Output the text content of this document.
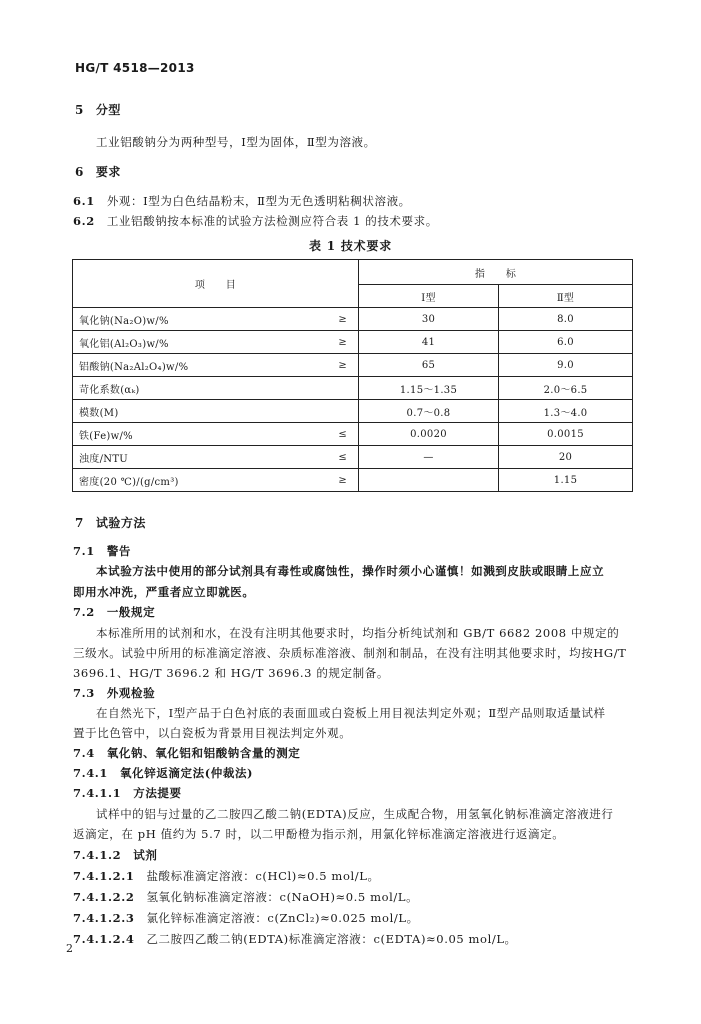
HG/T 4518—2013
5 分型
工业铝酸钠分为两种型号，Ⅰ型为固体，Ⅱ型为溶液。
6 要求
6.1 外观：Ⅰ型为白色结晶粉末，Ⅱ型为无色透明粘稠状溶液。
6.2 工业铝酸钠按本标准的试验方法检测应符合表 1 的技术要求。
表 1 技术要求
项　　目		指　　标	
		Ⅰ型	Ⅱ型
氧化钠(Na₂O)w/%	≥	30	8.0
氧化铝(Al₂O₃)w/%	≥	41	6.0
铝酸钠(Na₂Al₂O₄)w/%	≥	65	9.0
苛化系数(αₖ)		1.15～1.35	2.0～6.5
模数(M)		0.7～0.8	1.3～4.0
铁(Fe)w/%	≤	0.0020	0.0015
浊度/NTU	≤	—	20
密度(20 ℃)/(g/cm³)	≥		1.15
7 试验方法
7.1 警告
本试验方法中使用的部分试剂具有毒性或腐蚀性，操作时须小心谨慎！如溅到皮肤或眼睛上应立
即用水冲洗，严重者应立即就医。
7.2 一般规定
本标准所用的试剂和水，在没有注明其他要求时，均指分析纯试剂和 GB/T 6682 2008 中规定的
三级水。试验中所用的标准滴定溶液、杂质标准溶液、制剂和制品，在没有注明其他要求时，均按HG/T
3696.1、HG/T 3696.2 和 HG/T 3696.3 的规定制备。
7.3 外观检验
在自然光下，Ⅰ型产品于白色衬底的表面皿或白瓷板上用目视法判定外观；Ⅱ型产品则取适量试样
置于比色管中，以白瓷板为背景用目视法判定外观。
7.4 氧化钠、氧化铝和铝酸钠含量的测定
7.4.1 氧化锌返滴定法(仲裁法)
7.4.1.1 方法提要
试样中的铝与过量的乙二胺四乙酸二钠(EDTA)反应，生成配合物，用氢氧化钠标准滴定溶液进行
返滴定，在 pH 值约为 5.7 时，以二甲酚橙为指示剂，用氯化锌标准滴定溶液进行返滴定。
7.4.1.2 试剂
7.4.1.2.1 盐酸标准滴定溶液：c(HCl)≈0.5 mol/L。
7.4.1.2.2 氢氧化钠标准滴定溶液：c(NaOH)≈0.5 mol/L。
7.4.1.2.3 氯化锌标准滴定溶液：c(ZnCl₂)≈0.025 mol/L。
7.4.1.2.4 乙二胺四乙酸二钠(EDTA)标准滴定溶液：c(EDTA)≈0.05 mol/L。
2
